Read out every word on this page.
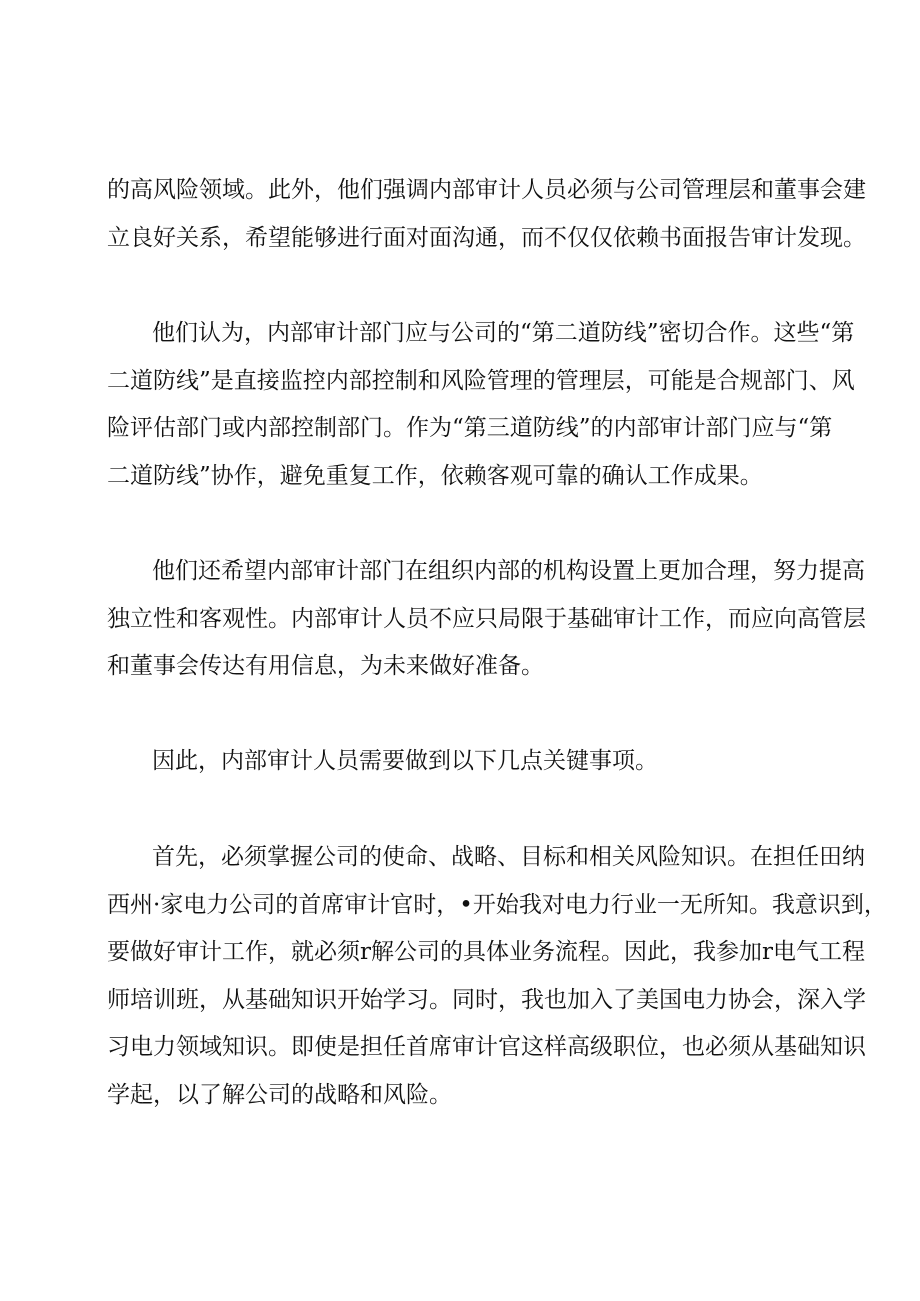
的高风险领域。此外，他们强调内部审计人员必须与公司管理层和董事会建
立良好关系，希望能够进行面对面沟通，而不仅仅依赖书面报告审计发现。
他们认为，内部审计部门应与公司的“第二道防线”密切合作。这些“第
二道防线”是直接监控内部控制和风险管理的管理层，可能是合规部门、风
险评估部门或内部控制部门。作为“第三道防线”的内部审计部门应与“第
二道防线”协作，避免重复工作，依赖客观可靠的确认工作成果。
他们还希望内部审计部门在组织内部的机构设置上更加合理，努力提高
独立性和客观性。内部审计人员不应只局限于基础审计工作，而应向高管层
和董事会传达有用信息，为未来做好准备。
因此，内部审计人员需要做到以下几点关键事项。
首先，必须掌握公司的使命、战略、目标和相关风险知识。在担任田纳
西州·家电力公司的首席审计官时，•开始我对电力行业一无所知。我意识到，
要做好审计工作，就必须r解公司的具体业务流程。因此，我参加r电气工程
师培训班，从基础知识开始学习。同时，我也加入了美国电力协会，深入学
习电力领域知识。即使是担任首席审计官这样高级职位，也必须从基础知识
学起，以了解公司的战略和风险。
